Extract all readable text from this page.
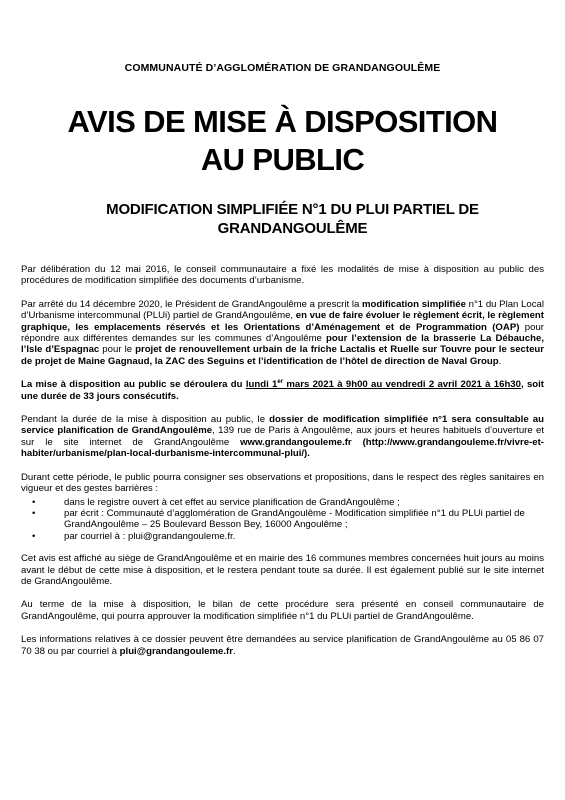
COMMUNAUTÉ D’AGGLOMÉRATION DE GRANDANGOULÊME
AVIS DE MISE À DISPOSITION
AU PUBLIC
MODIFICATION SIMPLIFIÉE N°1 DU PLUI PARTIEL DE
GRANDANGOULÊME

Par délibération du 12 mai 2016, le conseil communautaire a fixé les modalités de mise à disposition au public des procédures de modification simplifiée des documents d’urbanisme.

Par arrêté du 14 décembre 2020, le Président de GrandAngoulême a prescrit la modification simplifiée n°1 du Plan Local d’Urbanisme intercommunal (PLUi) partiel de GrandAngoulême, en vue de faire évoluer le règlement écrit, le règlement graphique, les emplacements réservés et les Orientations d’Aménagement et de Programmation (OAP) pour répondre aux différentes demandes sur les communes d’Angoulême pour l’extension de la brasserie La Débauche, l’Isle d’Espagnac pour le projet de renouvellement urbain de la friche Lactalis et Ruelle sur Touvre pour le secteur de projet de Maine Gagnaud, la ZAC des Seguins et l’identification de l’hôtel de direction de Naval Group.

La mise à disposition au public se déroulera du lundi 1er mars 2021 à 9h00 au vendredi 2 avril 2021 à 16h30, soit une durée de 33 jours consécutifs.

Pendant la durée de la mise à disposition au public, le dossier de modification simplifiée n°1 sera consultable au service planification de GrandAngoulême, 139 rue de Paris à Angoulême, aux jours et heures habituels d’ouverture et sur le site internet de GrandAngoulême www.grandangouleme.fr (http://www.grandangouleme.fr/vivre-et-habiter/urbanisme/plan-local-durbanisme-intercommunal-plui/).

Durant cette période, le public pourra consigner ses observations et propositions, dans le respect des règles sanitaires en vigueur et des gestes barrières :

•	dans le registre ouvert à cet effet au service planification de GrandAngoulême ;
•	par écrit : Communauté d’agglomération de GrandAngoulême - Modification simplifiée n°1 du PLUi partiel de GrandAngoulême – 25 Boulevard Besson Bey, 16000 Angoulême ;
•	par courriel à : plui@grandangouleme.fr.

Cet avis est affiché au siège de GrandAngoulême et en mairie des 16 communes membres concernées huit jours au moins avant le début de cette mise à disposition, et le restera pendant toute sa durée. Il est également publié sur le site internet de GrandAngoulême.

Au terme de la mise à disposition, le bilan de cette procédure sera présenté en conseil communautaire de GrandAngoulême, qui pourra approuver la modification simplifiée n°1 du PLUi partiel de GrandAngoulême.

Les informations relatives à ce dossier peuvent être demandées au service planification de GrandAngoulême au 05 86 07 70 38 ou par courriel à plui@grandangouleme.fr.
